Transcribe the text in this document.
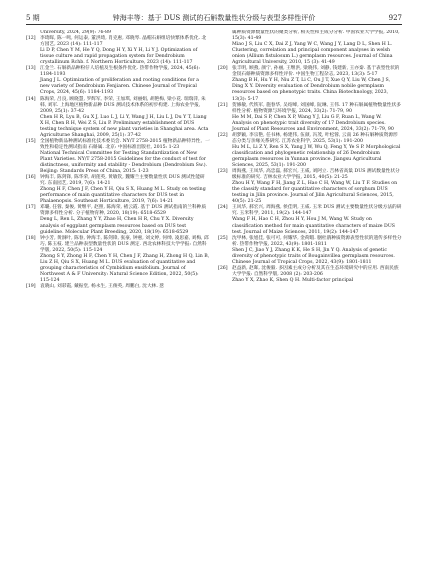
5 期	钟海丰等：基于 DUS 测试的石斛数量性状分级与表型多样性评价	927

University, 2024, 29(9): 76-89

[12] 李琦晖, 陈一鸣, 何运泰, 董洪琦, 肖克惠, 邓晓琴. 晶帽石斛组培快繁体系优化. 北方园艺, 2023 (14): 111-117

Li D P, Chen Y M, He Y Q, Dong H Y, Xi Y H, Li Y J. Optimization of tissue culture and rapid propagation system for Dendrobium crystallinum Rchb. f. Northern Horticulture, 2023 (14): 111-117

[13] 江金兰. 石斛新品种粉仔人培植及生根条件优化. 热带作物学报, 2024, 45(6): 1184-1193

Jiang J L. Optimization of proliferation and rooting conditions for a new variety of Dendrobium Fenjiaren. Chinese Journal of Tropical Crops, 2024, 45(6): 1184-1193

[14] 陈海荣, 吕良, 顾晓慧, 罗辉军, 李荣, 王加琪, 刘丽娟, 胡艳梅, 梁小花. 瑞瑞萍, 朱韩, 刘军. 上海地区植物新品种 DUS 测试技术体系的初步构建. 上海农业学报, 2009, 25(1): 37-42

Chen H R, Lyu B, Gu X J, Luo L J, Li Y, Wang J H, Liu L J, Du Y T, Liang X H, Chen R H, Wei Z S, Liu P. Preliminary establishment of DUS testing technique system of new plant varieties in Shanghai area. Acta Agriculturae Shanghai, 2009, 25(1): 37-42

[15] 全国植物新品种测试标准化技术委员会. NY/T 2758-2015 植物新品种特异性、一致性和稳定性测试指南 石斛属. 北京: 中国标准出版社, 2015: 1-23

National Technical Committee for Testing Standardization of New Plant Varieties. NY/T 2758-2015 Guidelines for the conduct of test for distinctness, uniformity and stability - Dendrobium (Dendrobium Sw.). Beijing: Standards Press of China, 2015: 1-23

[16] 钟海丰, 陈剑锋, 陈华荣, 胡莲英, 黄敏钦, 魏耀兰主要数量性状 DUS 测试性能研究. 东南园艺, 2019, 7(6): 14-21

Zhong H F, Chen J F, Chen Y H, Qiu S X, Huang M L. Study on testing performance of main quantitative characters for DUS test in Phalaenopsis. Southeast Horticulture, 2019, 7(6): 14-21

[17] 邓璐, 任蓉, 秦俊, 黄继平, 赵照, 陈海荣, 褚云霞. 基于 DUS 测试指南的兰科种质资源多样性分析. 分子植物育种, 2020, 18(19): 6518-6529

Deng L, Ren L, Zhang Y Y, Zhao H, Chen H R, Chu Y X. Diversity analysis of eggplant germplasm resources based on DUS test guideline. Molecular Plant Breeding, 2020, 18(19): 6518-6529

[18] 钟小芳, 黄洞叶, 陈春, 钟海丰, 陈剑锋, 张豪, 钟惠, 刘文婷, 何绅, 凌思嘉, 刘梅, 邱巧, 陈玉枝. 建兰品种表型数量性状的 DUS 测定. 西北农林科技大学学报: 自然科学版, 2022, 50(5): 115-124

Zhong S Y, Zhong H F, Chen Y H, Chen J F, Zhang H, Zhong H Q, Lin B, Liu Z H, Qiu S X, Huang M L. DUS evaluation of quantitative and grouping characteristics of Cymbidium ensifolium. Journal of Northwest A & F University: Natural Science Edition, 2022, 50(5): 115-124

[19] 袁晓山, 刘彩霞, 戴振堂, 杨永生, 王俊英, 周鹏白, 沈大林. 葱

属种质资源数量性状的聚类分析, 相关性和主成分分析. 中国农业大学学报, 2010, 15(3): 41-49

Miao J S, Liu C X, Dai Z J, Yang W C, Wang J Y, Lang D L, Shen H L. Clustering, correlation and principal component analyses in welsh onion (Allium fistulosum L.) germplasm resources. Journal of China Agricultural University, 2010, 15 (3): 41-49

[20] 张丰明, 顾燕, 颜宁, 孙丽, 王继洪, 梁晓伟, 刘静, 钱建新, 王亦秦. 基于表型性状的金钗石斛种质资源多样性评价. 中国生物工程杂志, 2023, 13(3): 5-17

Zhang B H, Hu Y H, Niu Z T, Li C, Ou J T, Xue Q Y, Liu W, Chen J S, Ding X Y. Diversity evaluation of Dendrobium nobile germplasm resources based on phenotypic traits. China Biotechnology, 2023, 13(3): 5-17

[21] 贺修敏, 代铁军, 施春华, 吴绍峰, 刘国峰, 阮琳, 王伟. 17 种石斛属植物数量性状多样性分析. 植物资源与环境学报, 2024, 33(2): 71-79, 90

He M M, Dai S P, Chen X P, Wang Y J, Liu G F, Ruan L, Wang W. Analysis on phenotypic trait diversity of 17 Dendrobium species. Journal of Plant Resources and Environment, 2024, 33(2): 71-79, 90

[22] 胡梦颖, 李宗艳, 任书林, 杨建伟, 伍颜, 冯茂, 叶松蓉, 云南 26 种石斛种质资源形态分类与亲缘关系研究. 江苏农业科学, 2025, 53(1): 191-200

Hu M L, Li Z Y, Ren S X, Yang J W, Wu Q, Feng Y, Ye S P. Morphological classification and phylogenetic relationship of 26 Dendrobium germplasm resources in Yunnan province. Jiangsu Agricultural Sciences, 2025, 53(1): 191-200

[23] 周海燕, 王凤华, 高忠磊, 郝宏兴, 王威, 刘阿立. 吉林省高粱 DUS 测试数量性状分级标准的研究. 吉林农业大学学报, 2015, 40(5): 21-25

Zhou H Y, Wang F H, Jiang Z L, Hao C H, Wang W, Liu T F. Studies on the classify standard for quantitative characters of sorghum DUS testing in Jilin province. Journal of Jilin Agricultural Sciences, 2015, 40(5): 21-25

[24] 王风华, 郝宏兴, 周海燕, 侯佳明, 王威. 玉米 DUS 测试主要数量性状分级方法的研究. 玉米科学, 2011, 19(2): 144-147

Wang F H, Hao C H, Zhou H Y, Hou J M, Wang W. Study on classification method for main quantitative characters of maize DUS test. Journal of Maize Sciences, 2011, 19(2): 144-147

[25] 沈甲林, 张旭佳, 张可可, 何耀华, 金荷暇. 胭杜鹃种质资源表型性状的遗传多样性分析. 热带作物学报, 2022, 43(9): 1801-1811

Shen J C, Jiao Y J, Zhang K K, He S H, Jin Y Q. Analysis of genetic diversity of phenotypic traits of Bougainvillea germplasm resources. Chinese Journal of Tropical Crops, 2022, 43(9): 1801-1811

[26] 赵益新, 赵晖, 沈俊毅. 多因素主成分分析及其在生态环境研究中的应用. 西南民族大学学报: 自然科学版, 2008 (2): 203-206

Zhao Y X, Zhao K, Shen Q H. Multi-factor principal
